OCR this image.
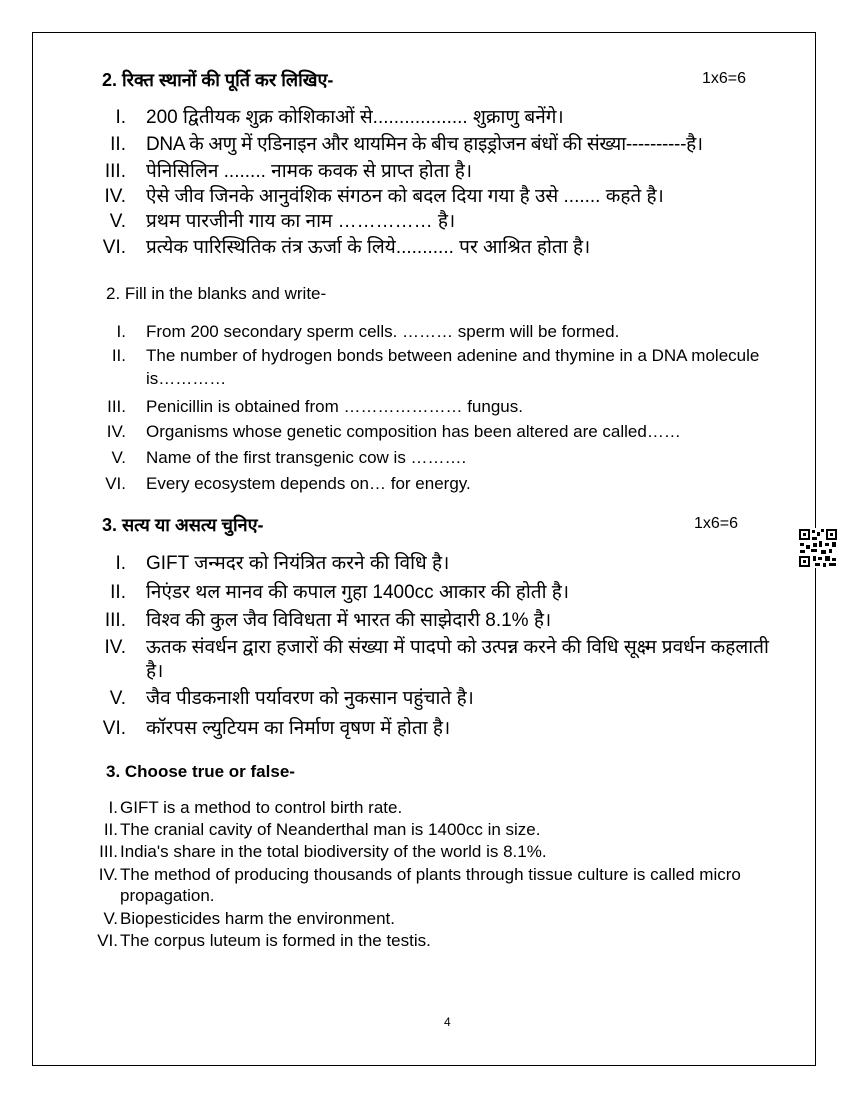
2. रिक्त स्थानों की पूर्ति कर लिखिए-	1x6=6
I. 200 द्वितीयक शुक्र कोशिकाओं से.................. शुक्राणु बनेंगे।
II. DNA के अणु में एडिनाइन और थायमिन के बीच हाइड्रोजन बंधों की संख्या----------है।
III. पेनिसिलिन ........ नामक कवक से प्राप्त होता है।
IV. ऐसे जीव जिनके आनुवंशिक संगठन को बदल दिया गया है उसे ....... कहते है।
V. प्रथम पारजीनी गाय का नाम …………… है।
VI. प्रत्येक पारिस्थितिक तंत्र ऊर्जा के लिये........... पर आश्रित होता है।
2. Fill in the blanks and write-
I. From 200 secondary sperm cells. ……… sperm will be formed.
II. The number of hydrogen bonds between adenine and thymine in a DNA molecule is…………
III. Penicillin is obtained from ………………… fungus.
IV. Organisms whose genetic composition has been altered are called……
V. Name of the first transgenic cow is ……….
VI. Every ecosystem depends on… for energy.
3. सत्य या असत्य चुनिए-	1x6=6
I. GIFT जन्मदर को नियंत्रित करने की विधि है।
II. निएंडर थल मानव की कपाल गुहा 1400cc आकार की होती है।
III. विश्व की कुल जैव विविधता में भारत की साझेदारी 8.1% है।
IV. ऊतक संवर्धन द्वारा हजारों की संख्या में पादपो को उत्पन्न करने की विधि सूक्ष्म प्रवर्धन कहलाती है।
V. जैव पीडकनाशी पर्यावरण को नुकसान पहुंचाते है।
VI. कॉरपस ल्युटियम का निर्माण वृषण में होता है।
3. Choose true or false-
I. GIFT is a method to control birth rate.
II. The cranial cavity of Neanderthal man is 1400cc in size.
III. India's share in the total biodiversity of the world is 8.1%.
IV. The method of producing thousands of plants through tissue culture is called micro propagation.
V. Biopesticides harm the environment.
VI. The corpus luteum is formed in the testis.
4
